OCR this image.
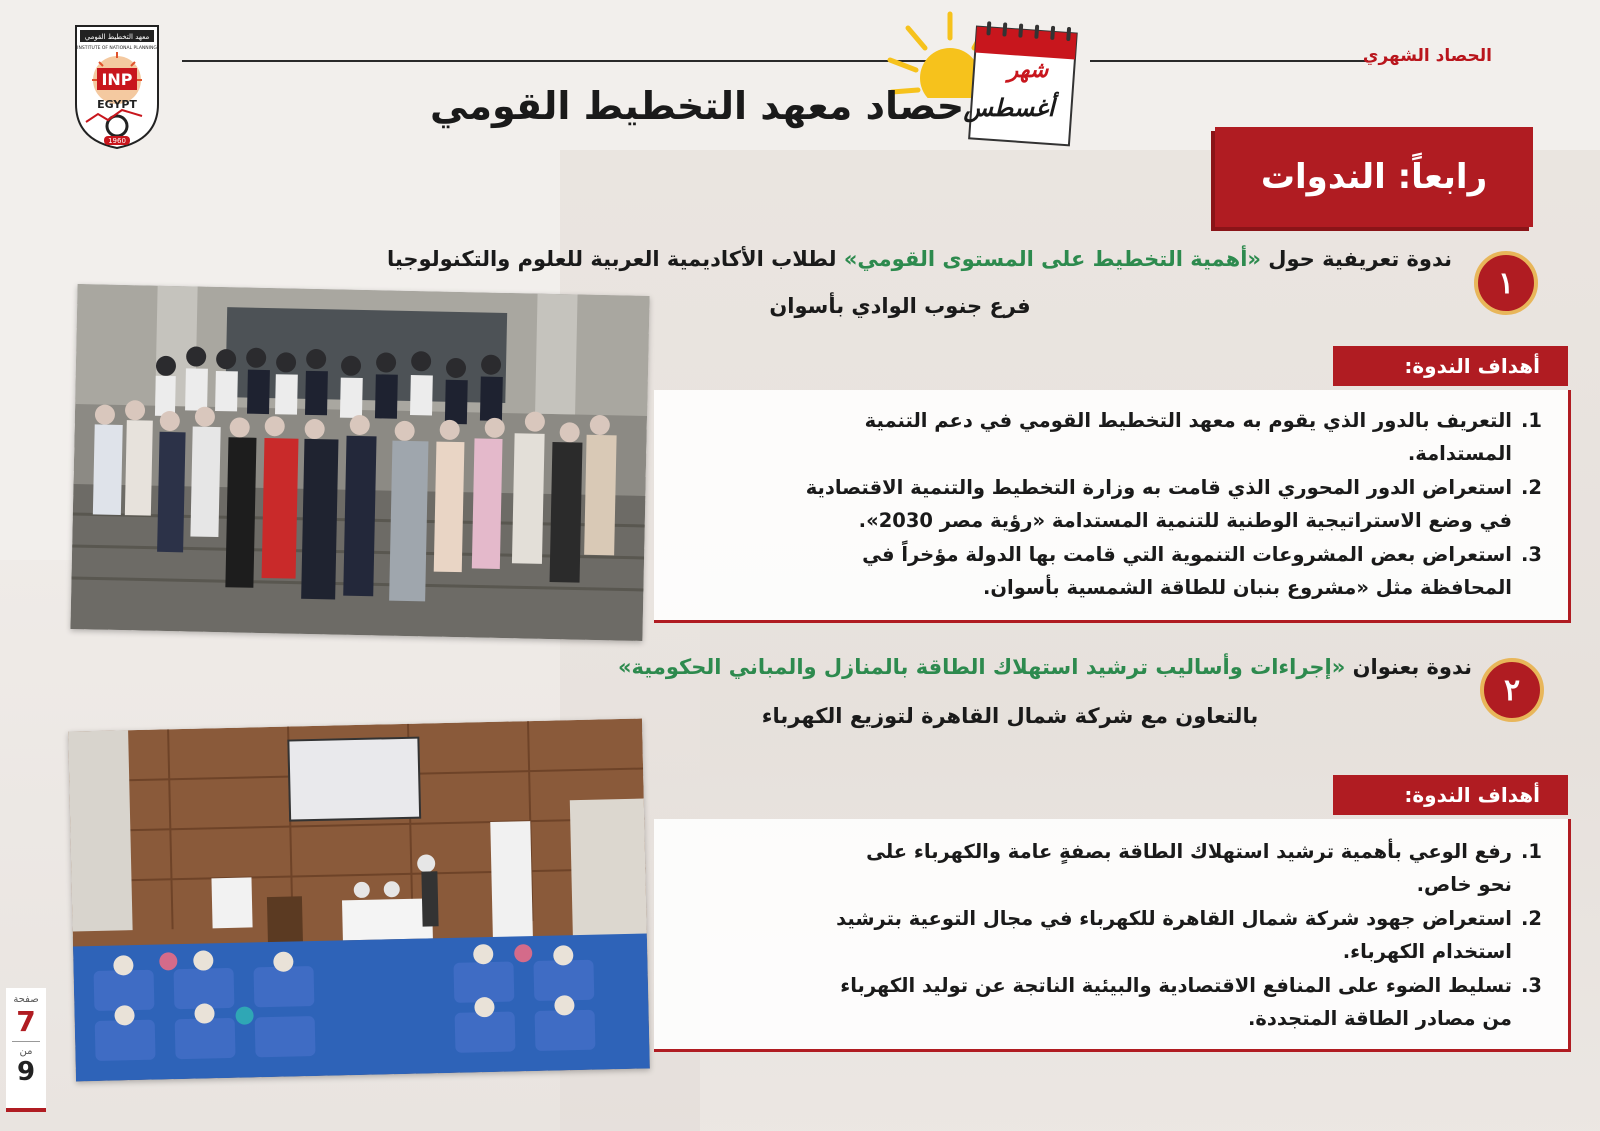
معهد التخطيط القومي
INSTITUTE OF NATIONAL PLANNING
INP
EGYPT
1960
الحصاد الشهري
شهر
أغسطس
حصاد معهد التخطيط القومي
رابعاً: الندوات
١
ندوة تعريفية حول «أهمية التخطيط على المستوى القومي» لطلاب الأكاديمية العربية للعلوم والتكنولوجيا
فرع جنوب الوادي بأسوان
أهداف الندوة:
1.التعريف بالدور الذي يقوم به معهد التخطيط القومي في دعم التنمية
المستدامة.
2.استعراض الدور المحوري الذي قامت به وزارة التخطيط والتنمية الاقتصادية
في وضع الاستراتيجية الوطنية للتنمية المستدامة «رؤية مصر 2030».
3.استعراض بعض المشروعات التنموية التي قامت بها الدولة مؤخراً في
المحافظة مثل «مشروع بنبان للطاقة الشمسية بأسوان.
٢
ندوة بعنوان «إجراءات وأساليب ترشيد استهلاك الطاقة بالمنازل والمباني الحكومية»
بالتعاون مع شركة شمال القاهرة لتوزيع الكهرباء
أهداف الندوة:
1.رفع الوعي بأهمية ترشيد استهلاك الطاقة بصفةٍ عامة والكهرباء على
نحو خاص.
2.استعراض جهود شركة شمال القاهرة للكهرباء في مجال التوعية بترشيد
استخدام الكهرباء.
3.تسليط الضوء على المنافع الاقتصادية والبيئية الناتجة عن توليد الكهرباء
من مصادر الطاقة المتجددة.
صفحة
7
من
9
